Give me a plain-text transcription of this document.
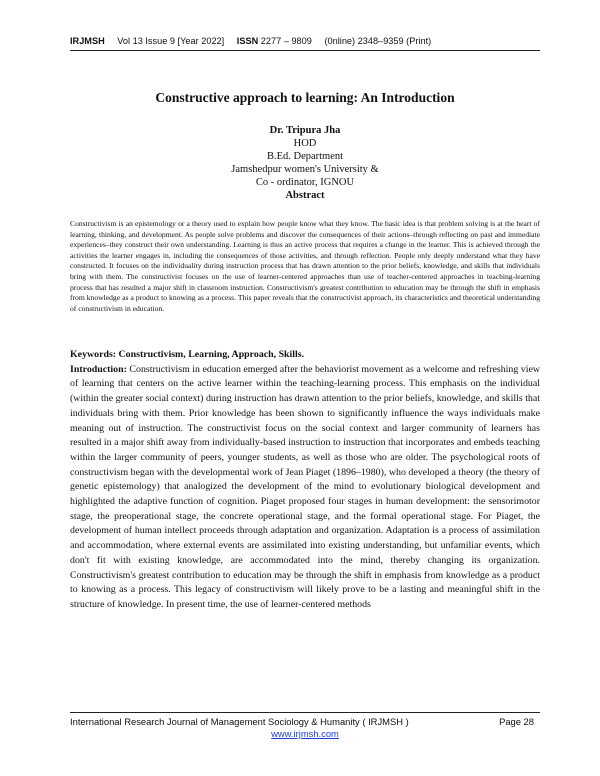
IRJMSH Vol 13 Issue 9 [Year 2022] ISSN 2277 – 9809 (0nline) 2348–9359 (Print)
Constructive approach to learning: An Introduction
Dr. Tripura Jha
HOD
B.Ed. Department
Jamshedpur women's University &
Co - ordinator, IGNOU
Abstract
Constructivism is an epistemology or a theory used to explain how people know what they know. The basic idea is that problem solving is at the heart of learning, thinking, and development. As people solve problems and discover the consequences of their actions–through reflecting on past and immediate experiences–they construct their own understanding. Learning is thus an active process that requires a change in the learner. This is achieved through the activities the learner engages in, including the consequences of those activities, and through reflection. People only deeply understand what they have constructed. It focuses on the individuality during instruction process that has drawn attention to the prior beliefs, knowledge, and skills that individuals bring with them. The constructivist focuses on the use of learner-centered approaches than use of teacher-centered approaches in teaching-learning process that has resulted a major shift in classroom instruction. Constructivism's greatest contribution to education may be through the shift in emphasis from knowledge as a product to knowing as a process. This paper reveals that the constructivist approach, its characteristics and theoretical understanding of constructivism in education.
Keywords: Constructivism, Learning, Approach, Skills.
Introduction: Constructivism in education emerged after the behaviorist movement as a welcome and refreshing view of learning that centers on the active learner within the teaching-learning process. This emphasis on the individual (within the greater social context) during instruction has drawn attention to the prior beliefs, knowledge, and skills that individuals bring with them. Prior knowledge has been shown to significantly influence the ways individuals make meaning out of instruction. The constructivist focus on the social context and larger community of learners has resulted in a major shift away from individually-based instruction to instruction that incorporates and embeds teaching within the larger community of peers, younger students, as well as those who are older. The psychological roots of constructivism began with the developmental work of Jean Piaget (1896–1980), who developed a theory (the theory of genetic epistemology) that analogized the development of the mind to evolutionary biological development and highlighted the adaptive function of cognition. Piaget proposed four stages in human development: the sensorimotor stage, the preoperational stage, the concrete operational stage, and the formal operational stage. For Piaget, the development of human intellect proceeds through adaptation and organization. Adaptation is a process of assimilation and accommodation, where external events are assimilated into existing understanding, but unfamiliar events, which don't fit with existing knowledge, are accommodated into the mind, thereby changing its organization. Constructivism's greatest contribution to education may be through the shift in emphasis from knowledge as a product to knowing as a process. This legacy of constructivism will likely prove to be a lasting and meaningful shift in the structure of knowledge. In present time, the use of learner-centered methods
International Research Journal of Management Sociology & Humanity ( IRJMSH )	Page 28
www.irjmsh.com
